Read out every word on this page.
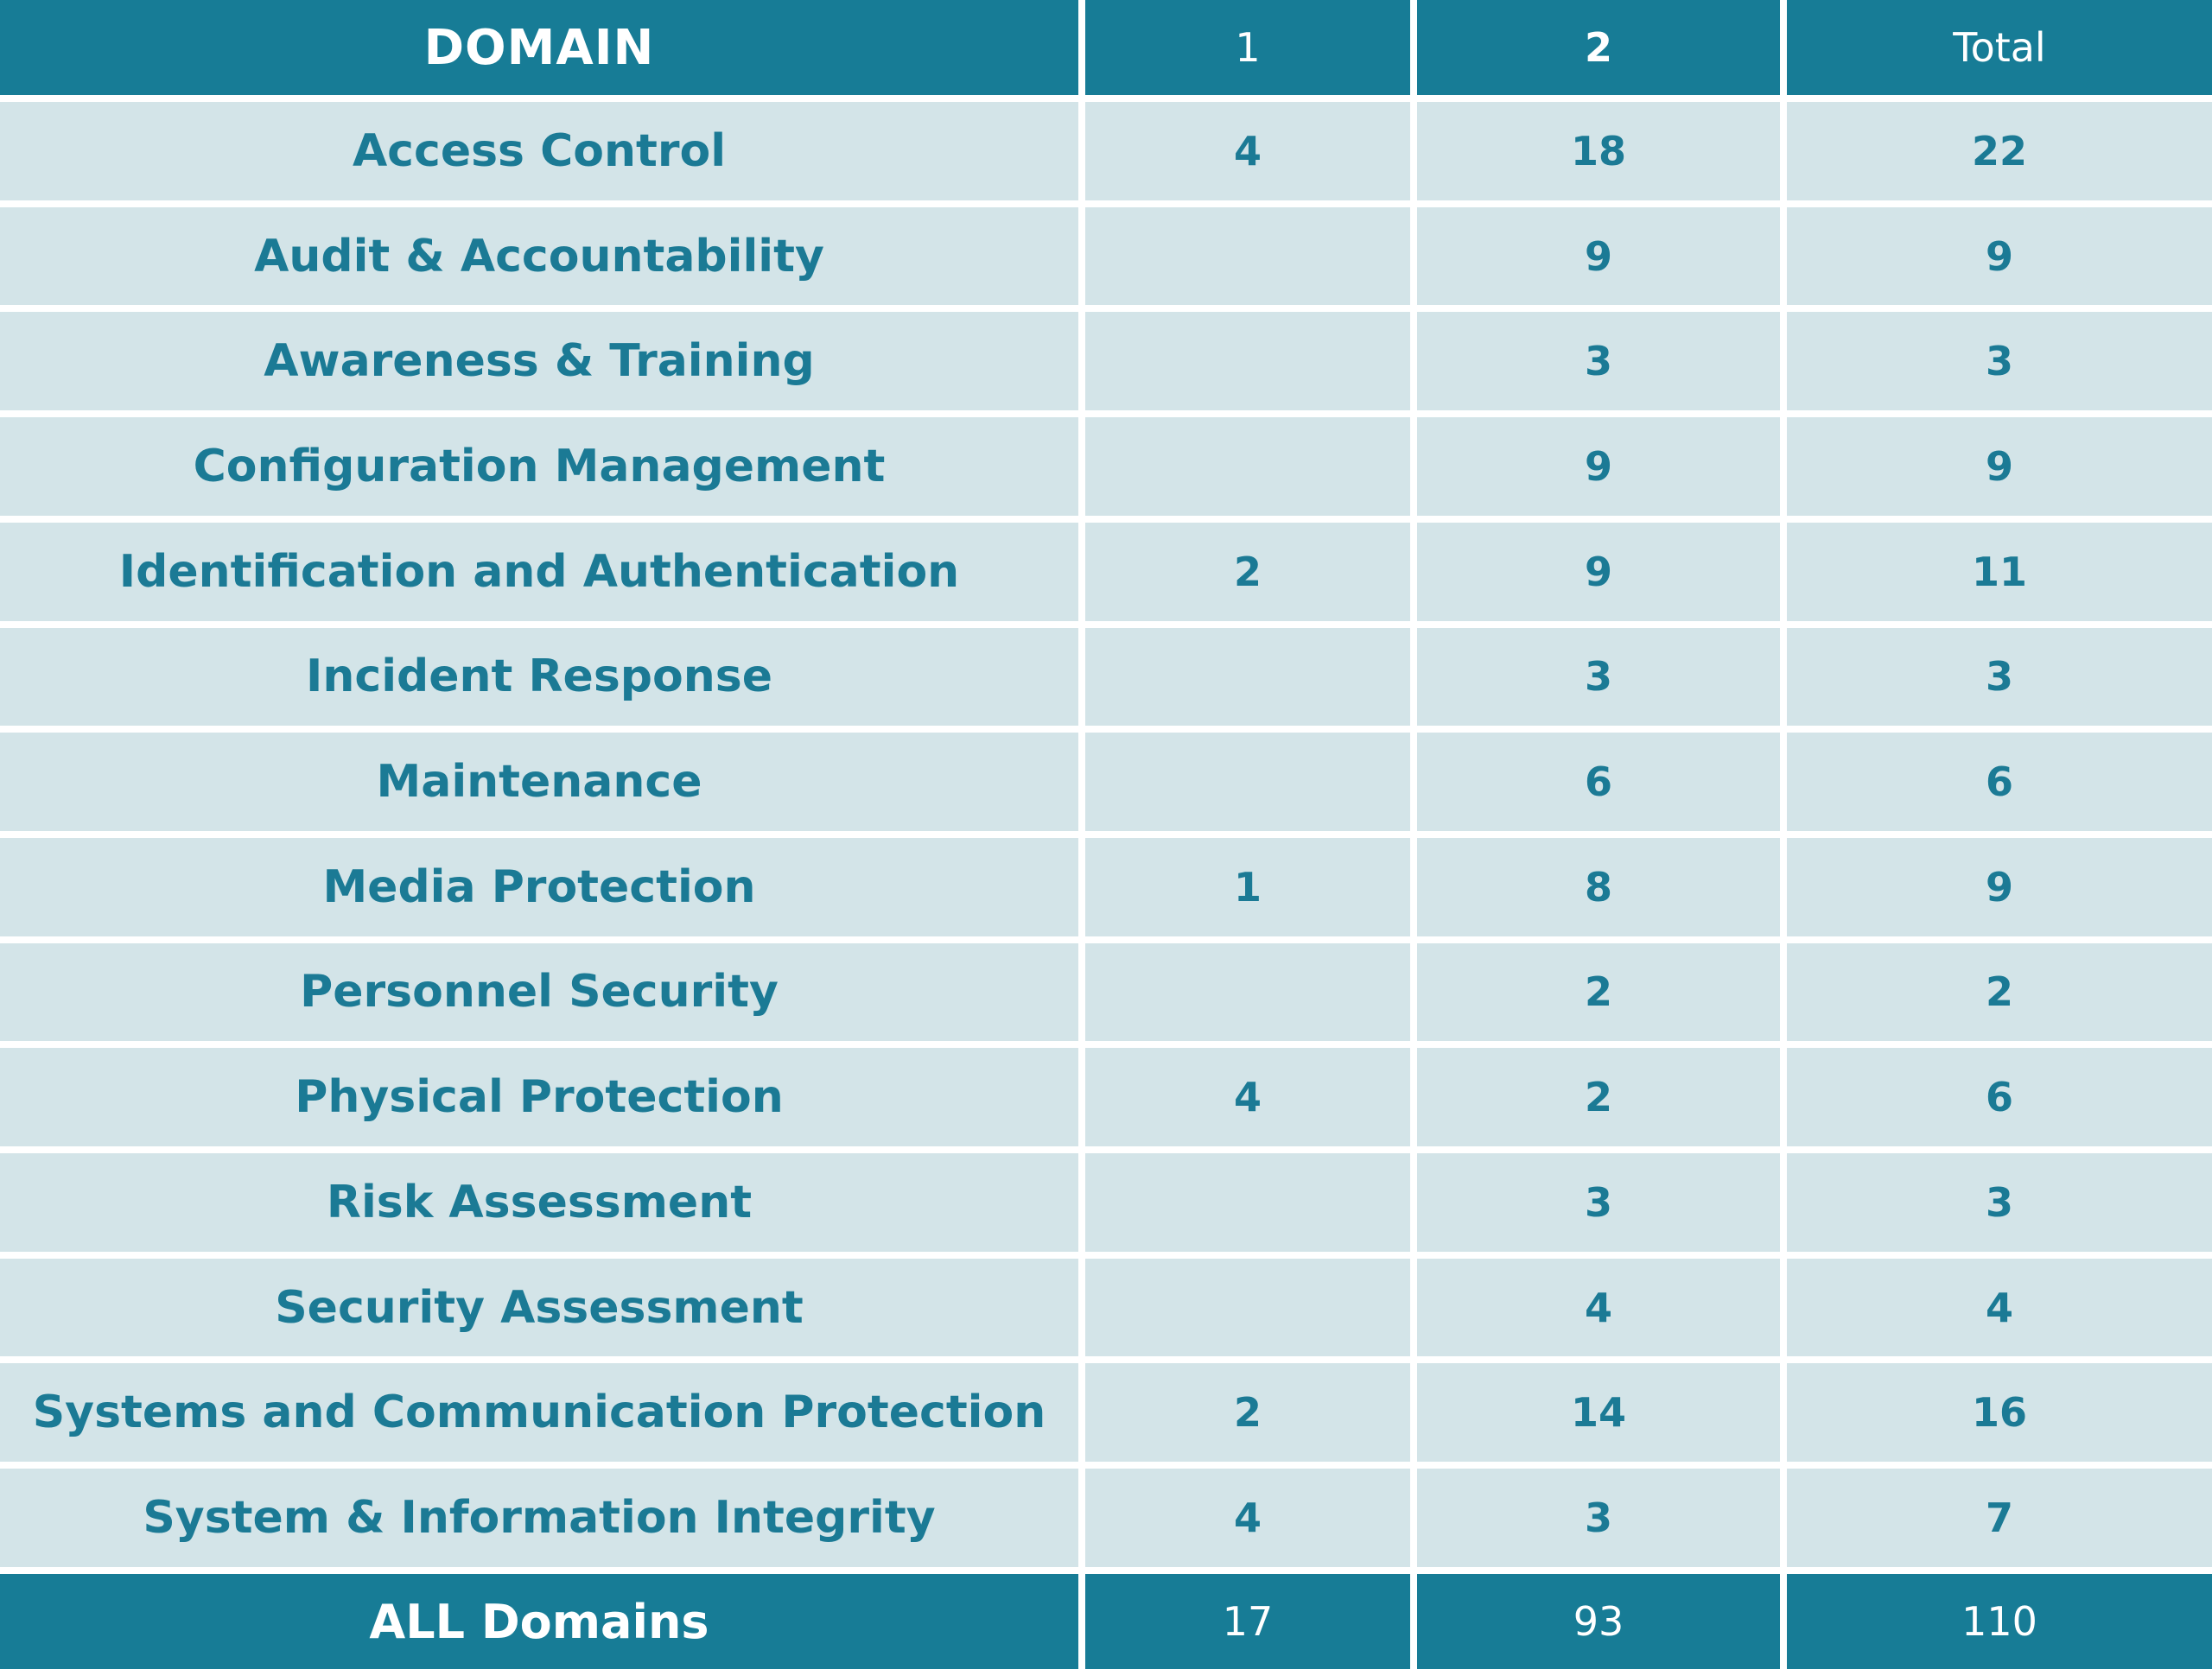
DOMAIN	1	2	Total
Access Control	4	18	22
Audit & Accountability		9	9
Awareness & Training		3	3
Configuration Management		9	9
Identification and Authentication	2	9	11
Incident Response		3	3
Maintenance		6	6
Media Protection	1	8	9
Personnel Security		2	2
Physical Protection	4	2	6
Risk Assessment		3	3
Security Assessment		4	4
Systems and Communication Protection	2	14	16
System & Information Integrity	4	3	7
ALL Domains	17	93	110
